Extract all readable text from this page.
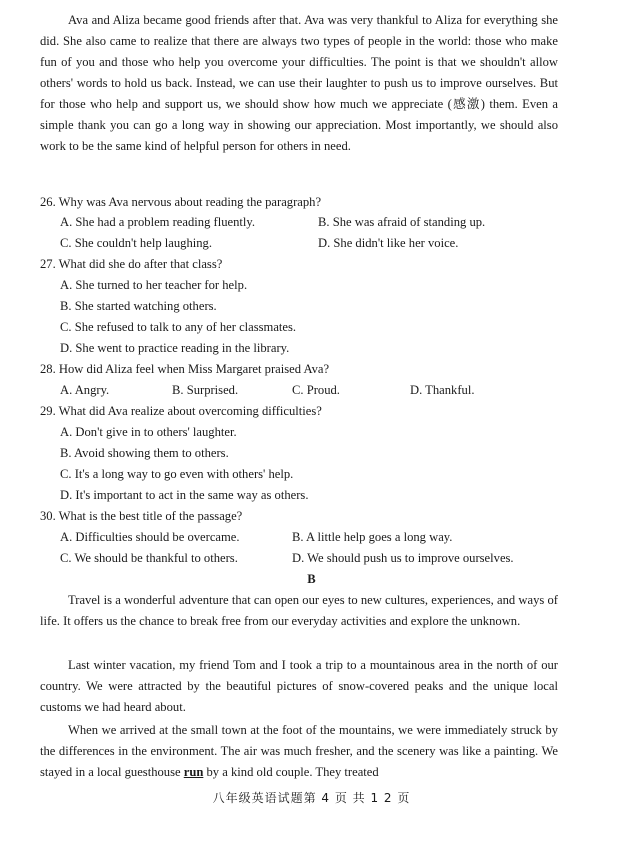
Ava and Aliza became good friends after that. Ava was very thankful to Aliza for everything she did. She also came to realize that there are always two types of people in the world: those who make fun of you and those who help you overcome your difficulties. The point is that we shouldn't allow others' words to hold us back. Instead, we can use their laughter to push us to improve ourselves. But for those who help and support us, we should show how much we appreciate (感激) them. Even a simple thank you can go a long way in showing our appreciation. Most importantly, we should also work to be the same kind of helpful person for others in need.

26. Why was Ava nervous about reading the paragraph?
A. She had a problem reading fluently.	B. She was afraid of standing up.
C. She couldn't help laughing.	D. She didn't like her voice.
27. What did she do after that class?
A. She turned to her teacher for help.
B. She started watching others.
C. She refused to talk to any of her classmates.
D. She went to practice reading in the library.
28. How did Aliza feel when Miss Margaret praised Ava?
A. Angry.	B. Surprised.	C. Proud.	D. Thankful.
29. What did Ava realize about overcoming difficulties?
A. Don't give in to others' laughter.
B. Avoid showing them to others.
C. It's a long way to go even with others' help.
D. It's important to act in the same way as others.
30. What is the best title of the passage?
A. Difficulties should be overcame.	B. A little help goes a long way.
C. We should be thankful to others.	D. We should push us to improve ourselves.
B

Travel is a wonderful adventure that can open our eyes to new cultures, experiences, and ways of life. It offers us the chance to break free from our everyday activities and explore the unknown.

Last winter vacation, my friend Tom and I took a trip to a mountainous area in the north of our country. We were attracted by the beautiful pictures of snow-covered peaks and the unique local customs we had heard about.

When we arrived at the small town at the foot of the mountains, we were immediately struck by the differences in the environment. The air was much fresher, and the scenery was like a painting. We stayed in a local guesthouse run by a kind old couple. They treated

八年级英语试题第 4 页 共 1 2 页
